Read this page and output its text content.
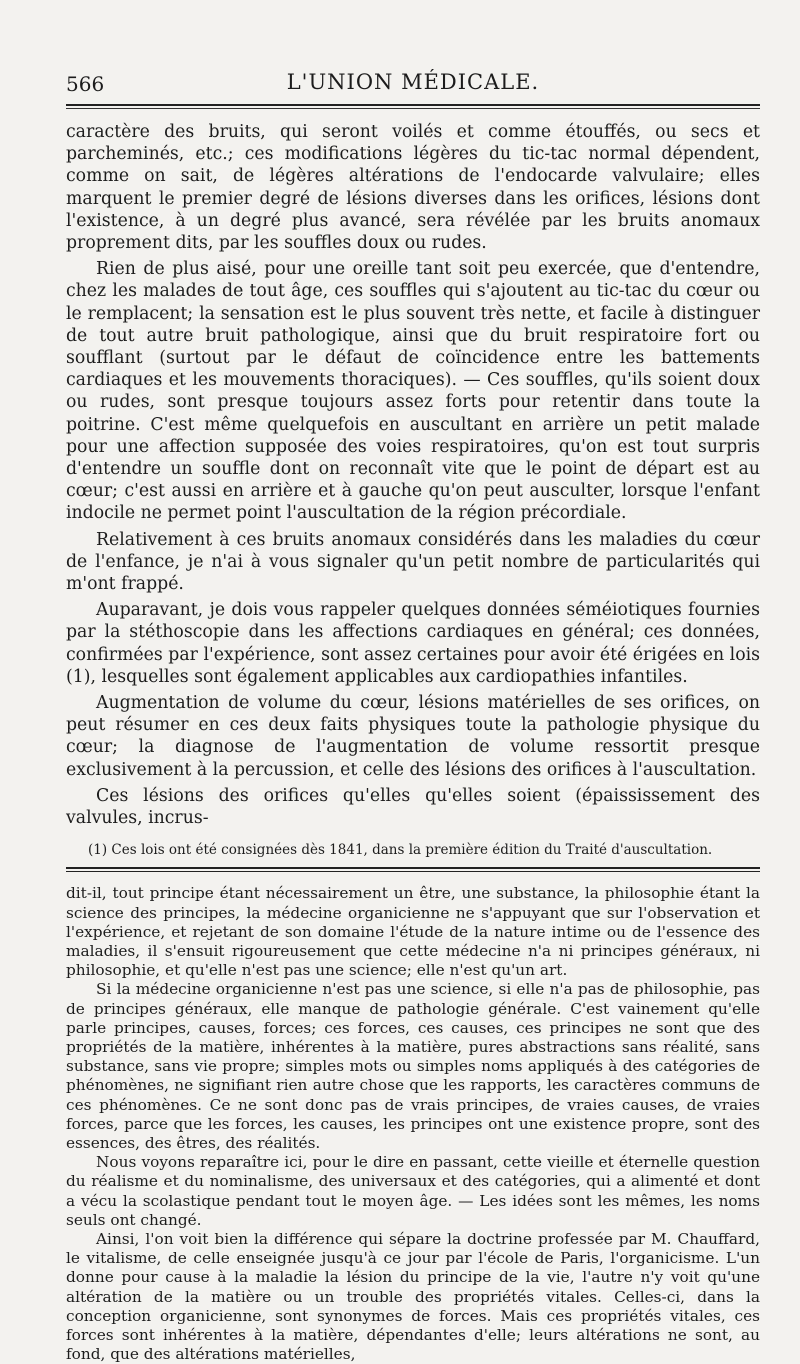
566	L'UNION MÉDICALE.

caractère des bruits, qui seront voilés et comme étouffés, ou secs et parcheminés, etc.; ces modifications légères du tic-tac normal dépendent, comme on sait, de légères altérations de l'endocarde valvulaire; elles marquent le premier degré de lésions diverses dans les orifices, lésions dont l'existence, à un degré plus avancé, sera révélée par les bruits anomaux proprement dits, par les souffles doux ou rudes.

Rien de plus aisé, pour une oreille tant soit peu exercée, que d'entendre, chez les malades de tout âge, ces souffles qui s'ajoutent au tic-tac du cœur ou le remplacent; la sensation est le plus souvent très nette, et facile à distinguer de tout autre bruit pathologique, ainsi que du bruit respiratoire fort ou soufflant (surtout par le défaut de coïncidence entre les battements cardiaques et les mouvements thoraciques). — Ces souffles, qu'ils soient doux ou rudes, sont presque toujours assez forts pour retentir dans toute la poitrine. C'est même quelquefois en auscultant en arrière un petit malade pour une affection supposée des voies respiratoires, qu'on est tout surpris d'entendre un souffle dont on reconnaît vite que le point de départ est au cœur; c'est aussi en arrière et à gauche qu'on peut ausculter, lorsque l'enfant indocile ne permet point l'auscultation de la région précordiale.

Relativement à ces bruits anomaux considérés dans les maladies du cœur de l'enfance, je n'ai à vous signaler qu'un petit nombre de particularités qui m'ont frappé.

Auparavant, je dois vous rappeler quelques données séméiotiques fournies par la stéthoscopie dans les affections cardiaques en général; ces données, confirmées par l'expérience, sont assez certaines pour avoir été érigées en lois (1), lesquelles sont également applicables aux cardiopathies infantiles.

Augmentation de volume du cœur, lésions matérielles de ses orifices, on peut résumer en ces deux faits physiques toute la pathologie physique du cœur; la diagnose de l'augmentation de volume ressortit presque exclusivement à la percussion, et celle des lésions des orifices à l'auscultation.

Ces lésions des orifices qu'elles qu'elles soient (épaississement des valvules, incrus-

(1) Ces lois ont été consignées dès 1841, dans la première édition du Traité d'auscultation.

dit-il, tout principe étant nécessairement un être, une substance, la philosophie étant la science des principes, la médecine organicienne ne s'appuyant que sur l'observation et l'expérience, et rejetant de son domaine l'étude de la nature intime ou de l'essence des maladies, il s'ensuit rigoureusement que cette médecine n'a ni principes généraux, ni philosophie, et qu'elle n'est pas une science; elle n'est qu'un art.

Si la médecine organicienne n'est pas une science, si elle n'a pas de philosophie, pas de principes généraux, elle manque de pathologie générale. C'est vainement qu'elle parle principes, causes, forces; ces forces, ces causes, ces principes ne sont que des propriétés de la matière, inhérentes à la matière, pures abstractions sans réalité, sans substance, sans vie propre; simples mots ou simples noms appliqués à des catégories de phénomènes, ne signifiant rien autre chose que les rapports, les caractères communs de ces phénomènes. Ce ne sont donc pas de vrais principes, de vraies causes, de vraies forces, parce que les forces, les causes, les principes ont une existence propre, sont des essences, des êtres, des réalités.

Nous voyons reparaître ici, pour le dire en passant, cette vieille et éternelle question du réalisme et du nominalisme, des universaux et des catégories, qui a alimenté et dont a vécu la scolastique pendant tout le moyen âge. — Les idées sont les mêmes, les noms seuls ont changé.

Ainsi, l'on voit bien la différence qui sépare la doctrine professée par M. Chauffard, le vitalisme, de celle enseignée jusqu'à ce jour par l'école de Paris, l'organicisme. L'un donne pour cause à la maladie la lésion du principe de la vie, l'autre n'y voit qu'une altération de la matière ou un trouble des propriétés vitales. Celles-ci, dans la conception organicienne, sont synonymes de forces. Mais ces propriétés vitales, ces forces sont inhérentes à la matière, dépendantes d'elle; leurs altérations ne sont, au fond, que des altérations matérielles,
